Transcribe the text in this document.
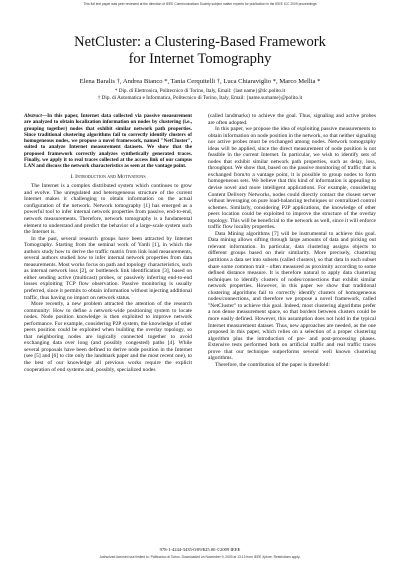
This full text paper was peer reviewed at the direction of IEEE Communications Society subject matter experts for publication in the IEEE ICC 2009 proceedings
NetCluster: a Clustering-Based Framework
for Internet Tomography
Elena Baralis †, Andrea Bianco *, Tania Cerquitelli †, Luca Chiaraviglio *, Marco Mellia *
* Dip. di Elettronica, Politecnico di Torino, Italy, Email: {last name}@tlc.polito.it
† Dip. di Automatica e Informatica, Politecnico di Torino, Italy, Email: {name.surname}@polito.it
Abstract—In this paper, Internet data collected via passive measurement are analyzed to obtain localization information on nodes by clustering (i.e., grouping together) nodes that exhibit similar network path properties. Since traditional clustering algorithms fail to correctly identify clusters of homogeneous nodes, we propose a novel framework, named "NetCluster", suited to analyze Internet measurement datasets. We show that the proposed framework correctly analyzes synthetically generated traces. Finally, we apply it to real traces collected at the access link of our campus LAN and discuss the network characteristics as seen at the vantage point.
I. Introduction and Motivations

The Internet is a complex distributed system which continues to grow and evolve. The unregulated and heterogeneous structure of the current Internet makes it challenging to obtain information on the actual configuration of the network. Network tomography [1] has emerged as a powerful tool to infer internal network properties from passive, end-to-end, network measurements. Therefore, network tomography is a fundamental element to understand and predict the behavior of a large-scale system such the Internet is.

In the past, several research groups have been attracted by Internet Tomography. Starting from the seminal work of Yardi [1], in which the authors study how to derive the traffic matrix from link load measurements, several authors studied how to infer internal network properties from data measurements. Most works focus on path and topology characteristics, such as internal network loss [2], or bottleneck link identification [3], based on either sending active (multicast) probes, or passively inferring end-to-end losses exploiting TCP flow observation. Passive monitoring is usually preferred, since it permits to obtain information without injecting additional traffic, thus having no impact on network status.

More recently, a new problem attracted the attention of the research community: How to define a network-wide positioning system to locate nodes. Node position knowledge is then exploited to improve network performance. For example, considering P2P system, the knowledge of other peers position could be exploited when building the overlay topology, so that neighboring nodes are logically connected together to avoid exchanging data over long (and possibly congested) paths [4]. While several proposals have been defined to derive node position in the Internet (see [5] and [6] to cite only the landmark paper and the most recent one), to the best of our knowledge all previous works require the explicit cooperation of end systems and, possibly, specialized nodes

(called landmarks) to achieve the goal. Thus, signaling and active probes are often adopted.

In this paper, we propose the idea of exploiting passive measurements to obtain information on node position in the network, so that neither signaling nor active probes must be exchanged among nodes. Network tomography ideas will be applied, since the direct measurement of node position is not feasible in the current Internet. In particular, we wish to identify sets of nodes that exhibit similar network path properties, such as delay, loss, throughput. We show that, based on the passive monitoring of traffic that is exchanged from/to a vantage point, it is possible to group nodes to form homogeneous sets. We believe that this kind of information is appealing to devise novel and more intelligent applications. For example, considering Content Delivery Networks, nodes could directly contact the closest server without leveraging on pure load-balancing techniques or centralized control schemes. Similarly, considering P2P applications, the knowledge of other peers location could be exploited to improve the structure of the overlay topology. This will be beneficial to the network as well, since it will enforce traffic flow locality properties.

Data Mining algorithms [7] will be instrumental to achieve this goal. Data mining allows sifting through large amounts of data and picking out relevant information. In particular, data clustering assigns objects to different groups based on their similarity. More precisely, clustering partitions a data set into subsets (called clusters), so that data in each subset share some common trait - often measured as proximity according to some defined distance measure. It is therefore natural to apply data clustering techniques to identify clusters of nodes/connections that exhibit similar network properties. However, in this paper we show that traditional clustering algorithms fail to correctly identify clusters of homogeneous nodes/connections, and therefore we propose a novel framework, called "NetCluster" to achieve this goal. Indeed, most clustering algorithms prefer a non dense measurement space, so that borders between clusters could be more easily defined. However, this assumption does not hold in the typical Internet measurement dataset. Thus, new approaches are needed, as the one proposed in this paper, which relies on a selection of a proper clustering algorithm plus the introduction of pre- and post-processing phases. Extensive tests performed both on artificial traffic and real traffic traces prove that our technique outperforms several well known clustering algorithms.

Therefore, the contribution of the paper is threefold:

978-1-4244-3435-0/09/$25.00 ©2009 IEEE
Authorized licensed use limited to: Politecnico di Torino. Downloaded on November 9, 2009 at 13:13 from IEEE Xplore. Restrictions apply.
